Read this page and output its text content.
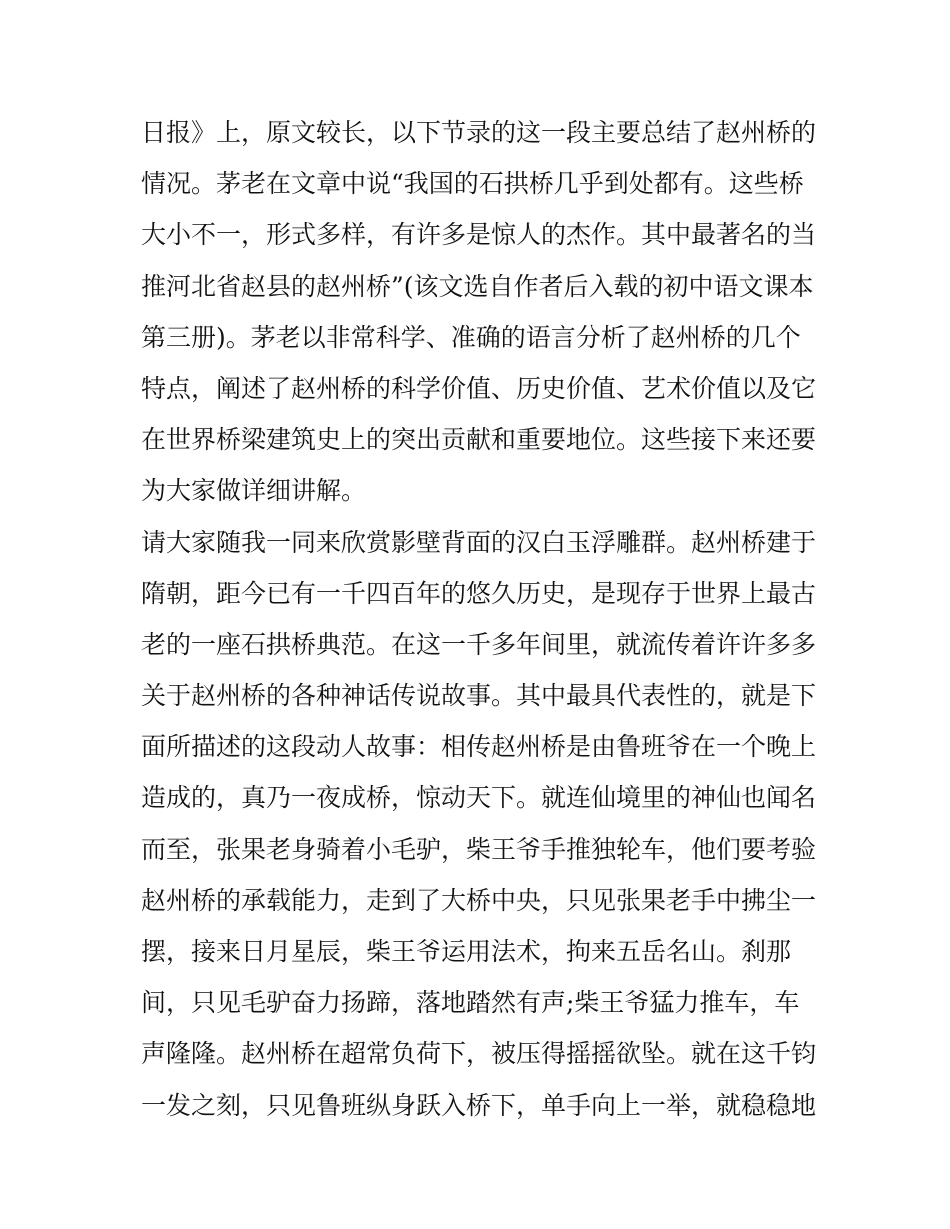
日报》上，原文较长，以下节录的这一段主要总结了赵州桥的
情况。茅老在文章中说“我国的石拱桥几乎到处都有。这些桥
大小不一，形式多样，有许多是惊人的杰作。其中最著名的当
推河北省赵县的赵州桥”(该文选自作者后入载的初中语文课本
第三册)。茅老以非常科学、准确的语言分析了赵州桥的几个
特点，阐述了赵州桥的科学价值、历史价值、艺术价值以及它
在世界桥梁建筑史上的突出贡献和重要地位。这些接下来还要
为大家做详细讲解。
请大家随我一同来欣赏影壁背面的汉白玉浮雕群。赵州桥建于
隋朝，距今已有一千四百年的悠久历史，是现存于世界上最古
老的一座石拱桥典范。在这一千多年间里，就流传着许许多多
关于赵州桥的各种神话传说故事。其中最具代表性的，就是下
面所描述的这段动人故事：相传赵州桥是由鲁班爷在一个晚上
造成的，真乃一夜成桥，惊动天下。就连仙境里的神仙也闻名
而至，张果老身骑着小毛驴，柴王爷手推独轮车，他们要考验
赵州桥的承载能力，走到了大桥中央，只见张果老手中拂尘一
摆，接来日月星辰，柴王爷运用法术，拘来五岳名山。刹那
间，只见毛驴奋力扬蹄，落地踏然有声;柴王爷猛力推车，车
声隆隆。赵州桥在超常负荷下，被压得摇摇欲坠。就在这千钧
一发之刻，只见鲁班纵身跃入桥下，单手向上一举，就稳稳地
